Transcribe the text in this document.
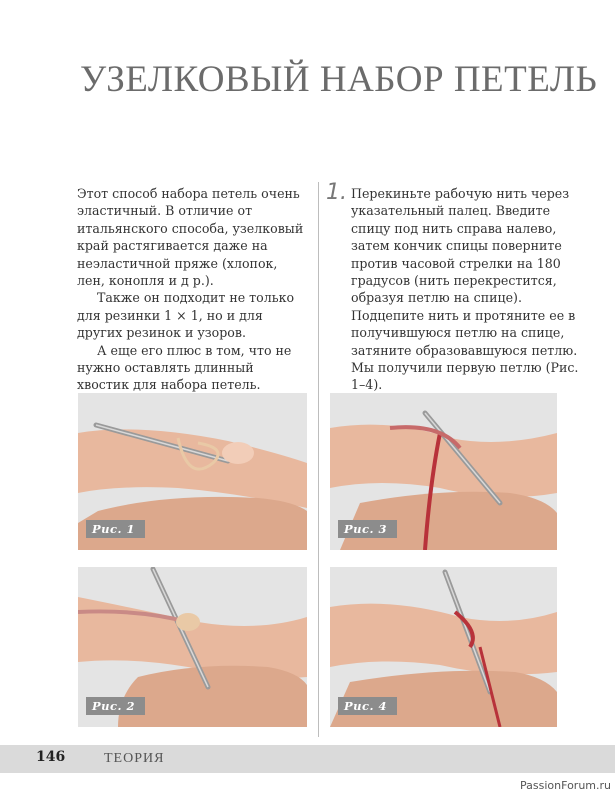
УЗЕЛКОВЫЙ НАБОР ПЕТЕЛЬ

Этот способ набора петель очень эластичный. В отличие от итальянского способа, узелковый край растягивается даже на неэластичной пряже (хлопок, лен, конопля и д р.).

Также он подходит не только для резинки 1 × 1, но и для других резинок и узоров.

А еще его плюс в том, что не нужно оставлять длинный хвостик для набора петель.

1. Перекиньте рабочую нить через указательный палец. Введите спицу под нить справа налево, затем кончик спицы поверните против часовой стрелки на 180 градусов (нить перекрестится, образуя петлю на спице). Подцепите нить и протяните ее в получившуюся петлю на спице, затяните образовавшуюся петлю. Мы получили первую петлю (Рис. 1–4).

Рис. 1
Рис. 2
Рис. 3
Рис. 4
146	ТЕОРИЯ
PassionForum.ru
